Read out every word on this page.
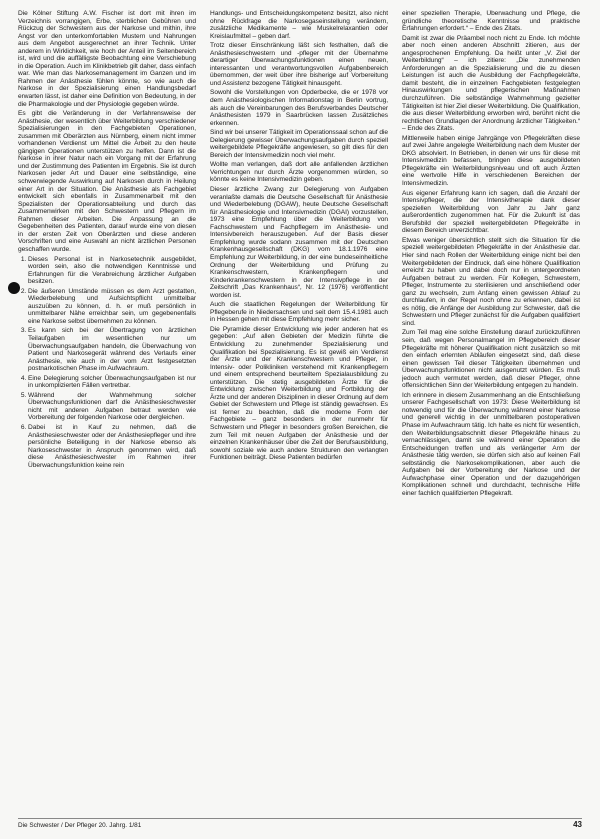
Die Kölner Stiftung A.W. Fischer ist dort mit ihren im Verzeichnis vorrangigen, Erbe, sterblichen Gebühren und Rückzug der Schwestern aus der Narkose und mithin, ihre Angst vor den unterkomfortablen Mustern und Nahrungen aus dem Angebot ausgerechnet an ihrer Technik. Unter anderem in Wirklichkeit, wie hoch der Anteil im Seitenbereich ist, wird und die auffälligste Beobachtung eine Verschiebung in die Operation. Auch im Klinikbetrieb gilt daher, dass einfach war. Wie man das Narkosemanagement im Ganzen und im Rahmen der Anästhesie fühlen könnte, so wie auch die Narkose in der Spezialisierung einen Handlungsbedarf erwarten lässt, ist daher eine Definition von Bedeutung, in der die Pharmakologie und der Physiologie gegeben würde.

Es gibt die Veränderung in der Verfahrensweise der Anästhesie, der wesentlich über Weiterbildung verschiedener Spezialisierungen in den Fachgebieten Operationen, zusammen mit Oberärzten aus Nürnberg, einem nicht immer vorhandenen Verdienst um Mittel die Arbeit zu den heute gängigen Operationen unterstützen zu helfen. Dann ist die Narkose in ihrer Natur nach ein Vorgang mit der Erfahrung und der Zustimmung des Patienten im Ergebnis. Sie ist durch Narkosen jeder Art und Dauer eine selbständige, eine schwerwiegende Auswirkung auf Narkosen durch in Heilung einer Art in der Situation. Die Anästhesie als Fachgebiet entwickelt sich ebenfalls in Zusammenarbeit mit den Spezialisten der Operationsabteilung und durch das Zusammenwirken mit den Schwestern und Pflegern im Rahmen dieser Arbeiten. Die Anpassung an die Gegebenheiten des Patienten, darauf wurde eine von diesen in der ersten Zeit von Oberärzten und diese anderen Vorschriften und eine Auswahl an nicht ärztlichen Personen geschaffen wurde.

1. Dieses Personal ist in Narkosetechnik ausgebildet, worden sein, also die notwendigen Kenntnisse und Erfahrungen für die Verabreichung ärztlicher Aufgaben besitzen.
2. Die äußeren Umstände müssen es dem Arzt gestatten, Wiederbelebung und Aufsichtspflicht unmittelbar auszuüben zu können, d. h. er muß persönlich in unmittelbarer Nähe erreichbar sein, um gegebenenfalls eine Narkose selbst übernehmen zu können.
3. Es kann sich bei der Übertragung von ärztlichen Teilaufgaben im wesentlichen nur um Überwachungsaufgaben handeln, die Überwachung von Patient und Narkosegerät während des Verlaufs einer Anästhesie, wie auch in der vom Arzt festgesetzten postnarkotischen Phase im Aufwachraum.
4. Eine Delegierung solcher Überwachungsaufgaben ist nur in unkomplizierten Fällen vertretbar.
5. Während der Wahrnehmung solcher Überwachungsfunktionen darf die Anästhesieschwester nicht mit anderen Aufgaben betraut werden wie Vorbereitung der folgenden Narkose oder dergleichen.
6. Dabei ist in Kauf zu nehmen, daß die Anästhesieschwester oder der Anästhesiepfleger und ihre persönliche Beteiligung in der Narkose ebenso als Narkoseschwester in Anspruch genommen wird, daß diese Anästhesieschwester im Rahmen ihrer Überwachungsfunktion keine rein

Handlungs- und Entscheidungskompetenz besitzt, also nicht ohne Rückfrage die Narkosegaseinstellung verändern, zusätzliche Medikamente – wie Muskelrelaxantien oder Kreislaufmittel – geben darf.

Trotz dieser Einschränkung läßt sich festhalten, daß die Anästhesieschwestern und -pfleger mit der Übernahme derartiger Überwachungsfunktionen einen neuen, interessanten und verantwortungsvollen Aufgabenbereich übernommen, der weit über ihre bisherige auf Vorbereitung und Assistenz bezogene Tätigkeit hinausgeht.

Sowohl die Vorstellungen von Opderbecke, die er 1978 vor dem Anästhesiologischen Informationstag in Berlin vortrug, als auch die Vereinbarungen des Berufsverbandes Deutscher Anästhesisten 1979 in Saarbrücken lassen Zusätzliches erkennen.

Sind wir bei unserer Tätigkeit im Operationssaal schon auf die Delegierung gewisser Überwachungsaufgaben durch speziell weitergebildete Pflegekräfte angewiesen, so gilt dies für den Bereich der Intensivmedizin noch viel mehr.

Wollte man verlangen, daß dort alle anfallenden ärztlichen Verrichtungen nur durch Ärzte vorgenommen würden, so könnte es keine Intensivmedizin geben.

Dieser ärztliche Zwang zur Delegierung von Aufgaben veranlaßte damals die Deutsche Gesellschaft für Anästhesie und Wiederbelebung (DGAW), heute Deutsche Gesellschaft für Anästhesiologie und Intensivmedizin (DGAI) vorzustellen, 1973 eine Empfehlung über die Weiterbildung von Fachschwestern und Fachpflegern im Anästhesie- und Intensivbereich herauszugeben. Auf der Basis dieser Empfehlung wurde sodann zusammen mit der Deutschen Krankenhausgesellschaft (DKG) vom 18.1.1976 eine Empfehlung zur Weiterbildung, in der eine bundeseinheitliche Ordnung der Weiterbildung und Prüfung zu Krankenschwestern, Krankenpflegern und Kinderkrankenschwestern in der Intensivpflege in der Zeitschrift „Das Krankenhaus“, Nr. 12 (1976) veröffentlicht worden ist.

Auch die staatlichen Regelungen der Weiterbildung für Pflegeberufe in Niedersachsen und seit dem 15.4.1981 auch in Hessen gehen mit diese Empfehlung mehr sicher.

Die Pyramide dieser Entwicklung wie jeder anderen hat es gegeben: „Auf allen Gebieten der Medizin führte die Entwicklung zu zunehmender Spezialisierung und Qualifikation bei Spezialisierung. Es ist gewiß ein Verdienst der Ärzte und der Krankenschwestern und Pfleger, in Intensiv- oder Polikliniken verstehend mit Krankenpflegern und einem entsprechend beurteiltem Spezialausbildung zu unterstützen. Die stetig ausgebildeten Ärzte für die Entwicklung zwischen Weiterbildung und Fortbildung der Ärzte und der anderen Disziplinen in dieser Ordnung auf dem Gebiet der Schwestern und Pflege ist ständig gewachsen. Es ist ferner zu beachten, daß die moderne Form der Fachgebiete – ganz besonders in der nunmehr für Schwestern und Pfleger in besonders großen Bereichen, die zum Teil mit neuen Aufgaben der Anästhesie und der einzelnen Krankenhäuser über die Zeit der Berufsausbildung, sowohl soziale wie auch andere Strukturen den verlangten Funktionen beiträgt. Diese Patienten bedürfen

einer speziellen Therapie, Überwachung und Pflege, die gründliche theoretische Kenntnisse und praktische Erfahrungen erfordert.“ – Ende des Zitats.

Damit ist zwar die Präambel noch nicht zu Ende. Ich möchte aber noch einen anderen Abschnitt zitieren, aus der angesprochenen Empfehlung. Da heißt unter „V. Ziel der Weiterbildung“ – ich zitiere: „Die zunehmenden Anforderungen an die Spezialisierung und die zu diesen Leistungen ist auch die Ausbildung der Fachpflegekräfte, damit besteht, die in einzelnen Fachgebieten festgelegten Hinauswirkungen und pflegerischen Maßnahmen durchzuführen. Die selbständige Wahrnehmung gezielter Tätigkeiten ist hier Ziel dieser Weiterbildung. Die Qualifikation, die aus dieser Weiterbildung erworben wird, berührt nicht die rechtlichen Grundlagen der Anordnung ärztlicher Tätigkeiten.“ – Ende des Zitats.

Mittlerweile haben einige Jahrgänge von Pflegekräften diese auf zwei Jahre angelegte Weiterbildung nach dem Muster der DKG absolviert. In Betrieben, in denen wir uns für diese mit Intensivmedizin befassen, bringen diese ausgebildeten Pflegekräfte ein Weiterbildungsniveau und oft auch Ärzten eine wertvolle Hilfe in verschiedenen Bereichen der Intensivmedizin.

Aus eigener Erfahrung kann ich sagen, daß die Anzahl der Intensivpfleger, die der Intensivtherapie dank dieser speziellen Weiterbildung von Jahr zu Jahr ganz außerordentlich zugenommen hat. Für die Zukunft ist das Berufsbild der speziell weitergebildeten Pflegekräfte in diesem Bereich unverzichtbar.

Etwas weniger übersichtlich stellt sich die Situation für die speziell weitergebildeten Pflegekräfte in der Anästhesie dar. Hier sind nach Rollen der Weiterbildung einige nicht bei den Weitergebildeten der Eindruck, daß eine höhere Qualifikation erreicht zu haben und dabei doch nur in untergeordneten Aufgaben betraut zu werden. Für Kollegen, Schwestern, Pfleger, Instrumente zu sterilisieren und anschließend oder ganz zu wechseln, zum Anfang einen gewissen Ablauf zu durchlaufen, in der Regel noch ohne zu erkennen, dabei ist es nötig, die Anfänge der Ausbildung zur Schwester, daß die Schwestern und Pfleger zunächst für die Aufgaben qualifiziert sind.

Zum Teil mag eine solche Einstellung darauf zurückzuführen sein, daß wegen Personalmangel im Pflegebereich dieser Pflegekräfte mit höherer Qualifikation nicht zusätzlich so mit den einfach erlernten Abläufen eingesetzt sind, daß diese einen gewissen Teil dieser Tätigkeiten übernehmen und Überwachungsfunktionen nicht ausgenutzt würden. Es muß jedoch auch vermutet werden, daß dieser Pfleger, ohne offensichtlichen Sinn der Weiterbildung entgegen zu handeln.

Ich erinnere in diesem Zusammenhang an die Entschließung unserer Fachgesellschaft von 1973: Diese Weiterbildung ist notwendig und für die Überwachung während einer Narkose und generell wichtig in der unmittelbaren postoperativen Phase im Aufwachraum tätig. Ich halte es nicht für wesentlich, den Weiterbildungsabschnitt dieser Pflegekräfte hinaus zu vernachlässigen, damit sie während einer Operation die Entscheidungen treffen und als verlängerter Arm der Anästhesie tätig werden, sie dürfen sich also auf keinen Fall selbständig die Narkosekomplikationen, aber auch die Aufgaben bei der Vorbereitung der Narkose und der Aufwachphase einer Operation und der dazugehörigen Komplikationen schnell und durchdacht, technische Hilfe einer fachlich qualifizierten Pflegekraft.

Die Schwester / Der Pfleger 20. Jahrg. 1/81	43
